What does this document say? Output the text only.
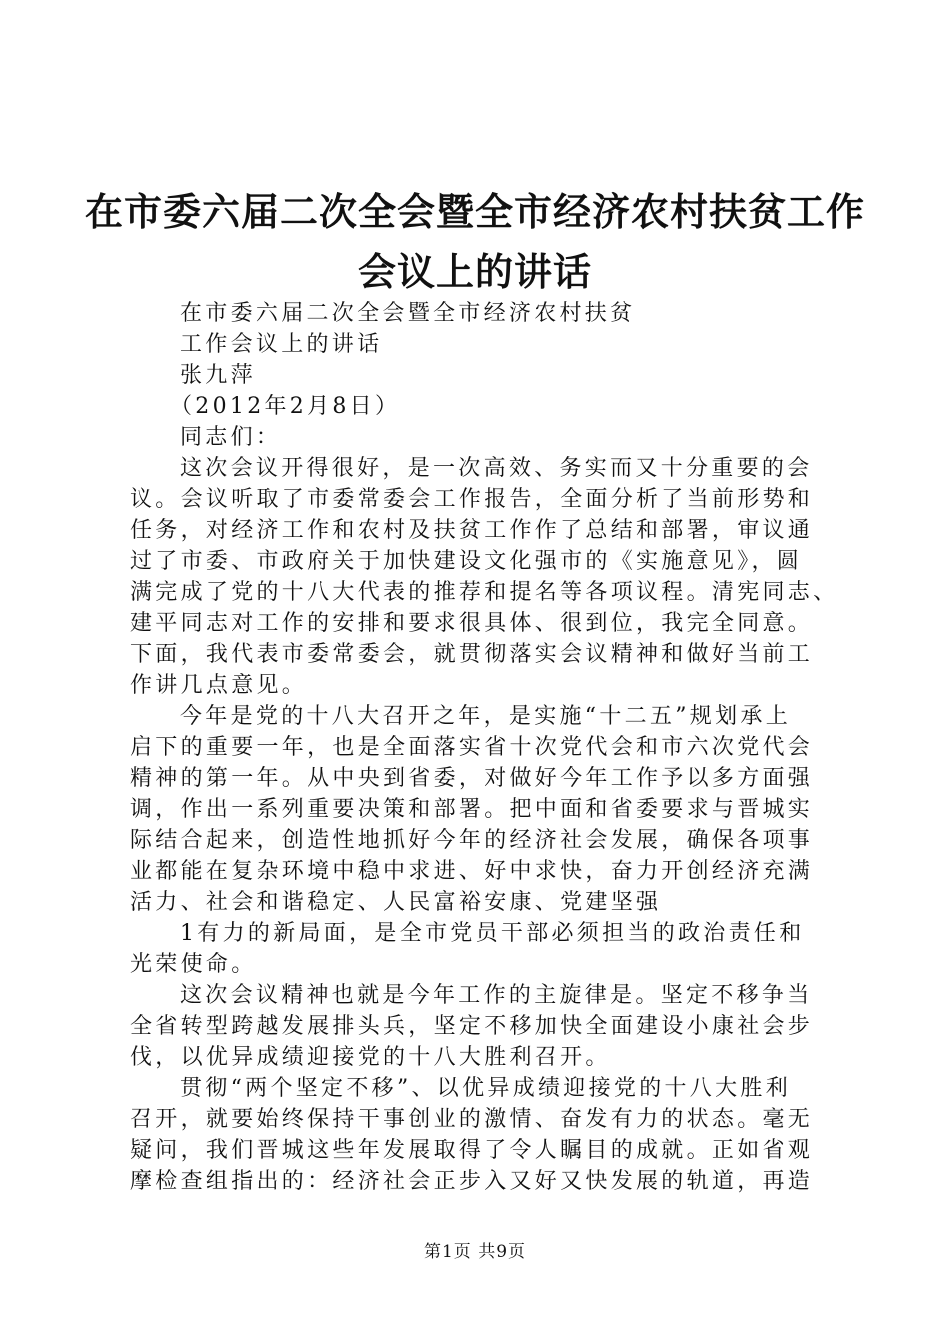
在市委六届二次全会暨全市经济农村扶贫工作
会议上的讲话
在市委六届二次全会暨全市经济农村扶贫
工作会议上的讲话
张九萍
（2012年2月8日）
同志们：
这次会议开得很好，是一次高效、务实而又十分重要的会
议。会议听取了市委常委会工作报告，全面分析了当前形势和
任务，对经济工作和农村及扶贫工作作了总结和部署，审议通
过了市委、市政府关于加快建设文化强市的《实施意见》，圆
满完成了党的十八大代表的推荐和提名等各项议程。清宪同志、
建平同志对工作的安排和要求很具体、很到位，我完全同意。
下面，我代表市委常委会，就贯彻落实会议精神和做好当前工
作讲几点意见。
今年是党的十八大召开之年，是实施“十二五”规划承上
启下的重要一年，也是全面落实省十次党代会和市六次党代会
精神的第一年。从中央到省委，对做好今年工作予以多方面强
调，作出一系列重要决策和部署。把中面和省委要求与晋城实
际结合起来，创造性地抓好今年的经济社会发展，确保各项事
业都能在复杂环境中稳中求进、好中求快，奋力开创经济充满
活力、社会和谐稳定、人民富裕安康、党建坚强
1有力的新局面，是全市党员干部必须担当的政治责任和
光荣使命。
这次会议精神也就是今年工作的主旋律是。坚定不移争当
全省转型跨越发展排头兵，坚定不移加快全面建设小康社会步
伐，以优异成绩迎接党的十八大胜利召开。
贯彻“两个坚定不移”、以优异成绩迎接党的十八大胜利
召开，就要始终保持干事创业的激情、奋发有力的状态。毫无
疑问，我们晋城这些年发展取得了令人瞩目的成就。正如省观
摩检查组指出的：经济社会正步入又好又快发展的轨道，再造
第1页 共9页
